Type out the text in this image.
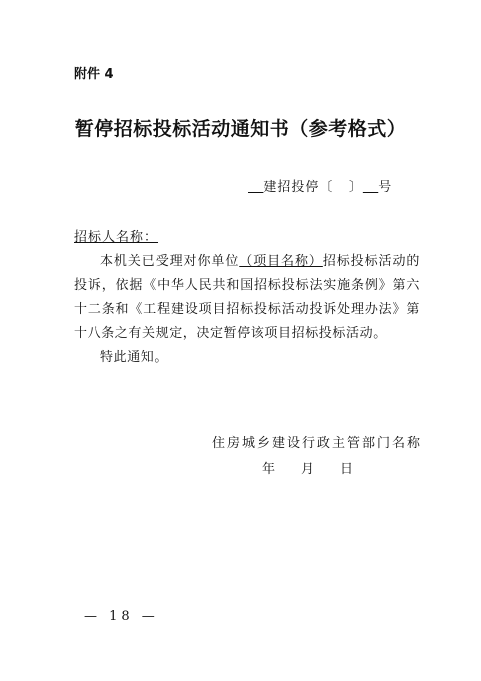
附件 4
暂停招标投标活动通知书（参考格式）
建招投停〔 〕 号
招标人名称：

本机关已受理对你单位（项目名称）招标投标活动的投诉，依据《中华人民共和国招标投标法实施条例》第六十二条和《工程建设项目招标投标活动投诉处理办法》第十八条之有关规定，决定暂停该项目招标投标活动。

特此通知。

住房城乡建设行政主管部门名称
年 月 日
— 18 —
